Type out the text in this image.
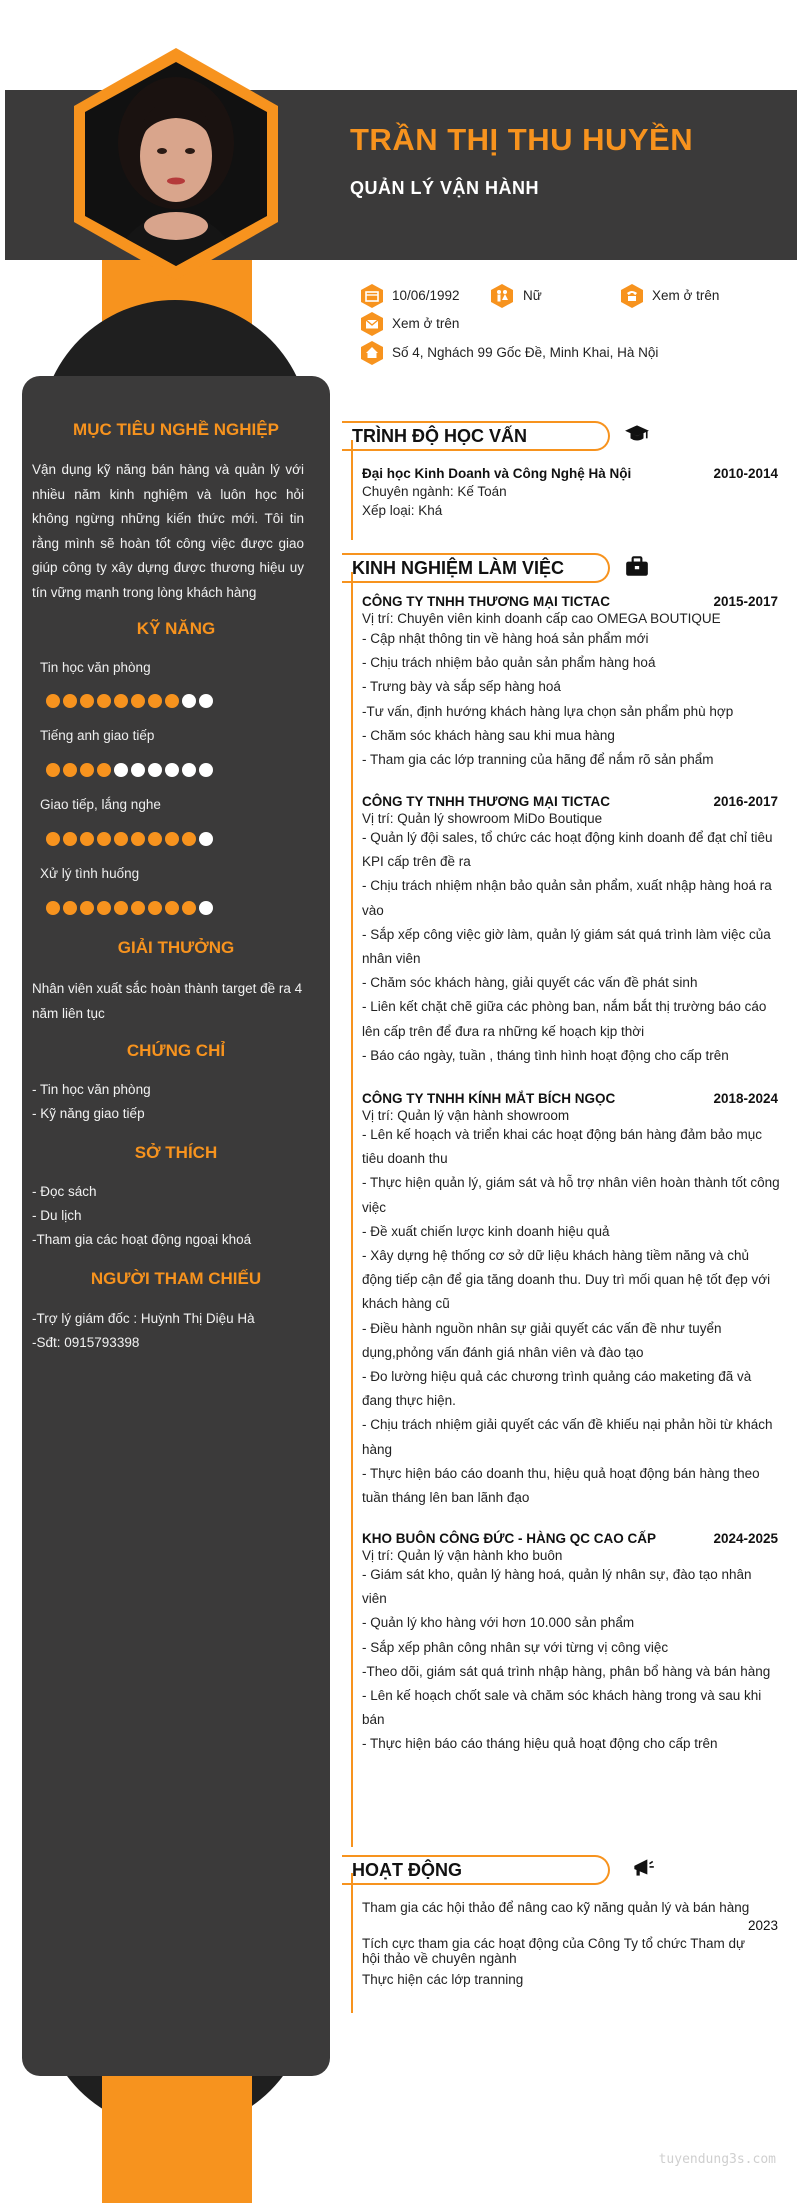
TRẦN THỊ THU HUYỀN
QUẢN LÝ VẬN HÀNH
10/06/1992	Nữ	Xem ở trên
Xem ở trên
Số 4, Nghách 99 Gốc Đề, Minh Khai, Hà Nội
MỤC TIÊU NGHỀ NGHIỆP
Vận dụng kỹ năng bán hàng và quản lý với nhiều năm kinh nghiệm và luôn học hỏi không ngừng những kiến thức mới. Tôi tin rằng mình sẽ hoàn tốt công việc được giao giúp công ty xây dựng được thương hiệu uy tín vững mạnh trong lòng khách hàng
KỸ NĂNG
Tin học văn phòng
Tiếng anh giao tiếp
Giao tiếp, lắng nghe
Xử lý tình huống
GIẢI THƯỞNG
Nhân viên xuất sắc hoàn thành target đề ra 4 năm liên tục
CHỨNG CHỈ
- Tin học văn phòng
- Kỹ năng giao tiếp
SỞ THÍCH
- Đọc sách
- Du lịch
-Tham gia các hoạt động ngoại khoá
NGƯỜI THAM CHIẾU
-Trợ lý giám đốc : Huỳnh Thị Diệu Hà
-Sđt: 0915793398
TRÌNH ĐỘ HỌC VẤN
Đại học Kinh Doanh và Công Nghệ Hà Nội	2010-2014
Chuyên ngành: Kế Toán
Xếp loại: Khá
KINH NGHIỆM LÀM VIỆC
CÔNG TY TNHH THƯƠNG MẠI TICTAC	2015-2017
Vị trí: Chuyên viên kinh doanh cấp cao OMEGA BOUTIQUE
- Cập nhật thông tin về hàng hoá sản phẩm mới
- Chịu trách nhiệm bảo quản sản phẩm hàng hoá
- Trưng bày và sắp sếp hàng hoá
-Tư vấn, định hướng khách hàng lựa chọn sản phẩm phù hợp
- Chăm sóc khách hàng sau khi mua hàng
- Tham gia các lớp tranning của hãng để nắm rõ sản phẩm
CÔNG TY TNHH THƯƠNG MẠI TICTAC	2016-2017
Vị trí: Quản lý showroom MiDo Boutique
- Quản lý đội sales, tổ chức các hoạt động kinh doanh để đạt chỉ tiêu KPI cấp trên đề ra
- Chịu trách nhiệm nhận bảo quản sản phẩm, xuất nhập hàng hoá ra vào
- Sắp xếp công việc giờ làm, quản lý giám sát quá trình làm việc của nhân viên
- Chăm sóc khách hàng, giải quyết các vấn đề phát sinh
- Liên kết chặt chẽ giữa các phòng ban, nắm bắt thị trường báo cáo lên cấp trên để đưa ra những kế hoạch kịp thời
- Báo cáo ngày, tuần , tháng tình hình hoạt động cho cấp trên
CÔNG TY TNHH KÍNH MẮT BÍCH NGỌC	2018-2024
Vị trí: Quản lý vận hành showroom
- Lên kế hoạch và triển khai các hoạt động bán hàng đảm bảo mục tiêu doanh thu
- Thực hiện quản lý, giám sát và hỗ trợ nhân viên hoàn thành tốt công việc
- Đề xuất chiến lược kinh doanh hiệu quả
- Xây dựng hệ thống cơ sở dữ liệu khách hàng tiềm năng và chủ động tiếp cận để gia tăng doanh thu. Duy trì mối quan hệ tốt đẹp với khách hàng cũ
- Điều hành nguồn nhân sự giải quyết các vấn đề như tuyển dụng,phỏng vấn đánh giá nhân viên và đào tạo
- Đo lường hiệu quả các chương trình quảng cáo maketing đã và đang thực hiện.
- Chịu trách nhiệm giải quyết các vấn đề khiếu nại phản hồi từ khách hàng
- Thực hiện báo cáo doanh thu, hiệu quả hoạt động bán hàng theo tuần tháng lên ban lãnh đạo
KHO BUÔN CÔNG ĐỨC - HÀNG QC CAO CẤP	2024-2025
Vị trí: Quản lý vận hành kho buôn
- Giám sát kho, quản lý hàng hoá, quản lý nhân sự, đào tạo nhân viên
- Quản lý kho hàng với hơn 10.000 sản phẩm
- Sắp xếp phân công nhân sự với từng vị công việc
-Theo dõi, giám sát quá trình nhập hàng, phân bổ hàng và bán hàng
- Lên kế hoạch chốt sale và chăm sóc khách hàng trong và sau khi bán
- Thực hiện báo cáo tháng hiệu quả hoạt động cho cấp trên
HOẠT ĐỘNG
Tham gia các hội thảo để nâng cao kỹ năng quản lý và bán hàng
2023
Tích cực tham gia các hoạt động của Công Ty tổ chức Tham dự hội thảo về chuyên ngành
Thực hiện các lớp tranning
tuyendung3s.com
